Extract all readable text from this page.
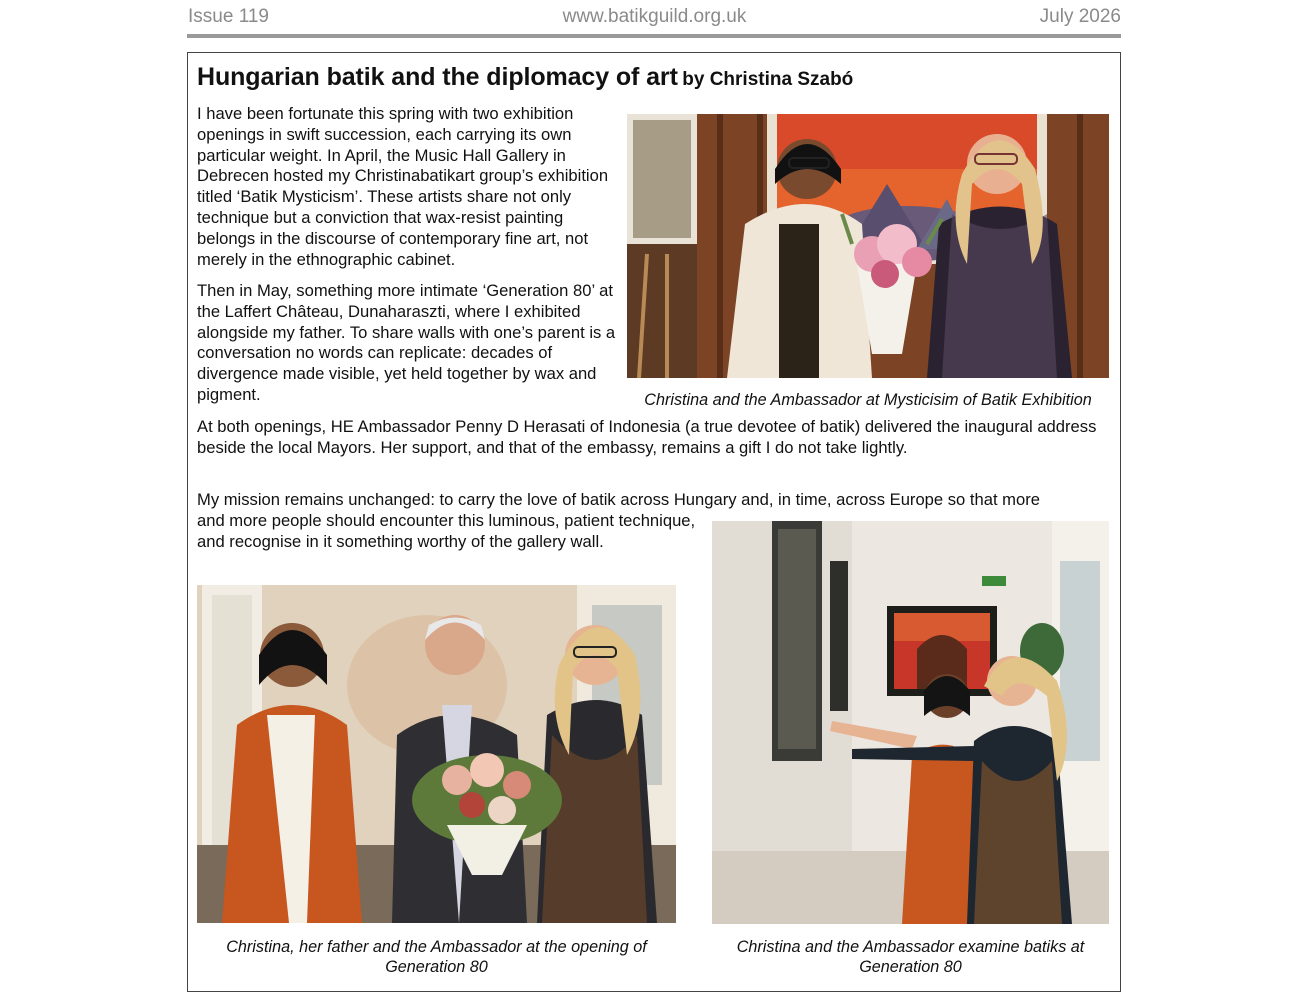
Issue 119	www.batikguild.org.uk	July 2026
Hungarian batik and the diplomacy of art by Christina Szabó

I have been fortunate this spring with two exhibition openings in swift succession, each carrying its own particular weight. In April, the Music Hall Gallery in Debrecen hosted my Christinabatikart group’s exhibition titled ‘Batik Mysticism’. These artists share not only technique but a conviction that wax-resist painting belongs in the discourse of contemporary fine art, not merely in the ethnographic cabinet.

Then in May, something more intimate ‘Generation 80’ at the Laffert Château, Dunaharaszti, where I exhibited alongside my father. To share walls with one’s parent is a conversation no words can replicate: decades of divergence made visible, yet held together by wax and pigment.

At both openings, HE Ambassador Penny D Herasati of Indonesia (a true devotee of batik) delivered the inaugural address beside the local Mayors. Her support, and that of the embassy, remains a gift I do not take lightly.

My mission remains unchanged: to carry the love of batik across Hungary and, in time, across Europe so that more

and more people should encounter this luminous, patient technique, and recognise in it something worthy of the gallery wall.

Christina and the Ambassador at Mysticisim of Batik Exhibition

Christina, her father and the Ambassador at the opening of Generation 80

Christina and the Ambassador examine batiks at Generation 80
